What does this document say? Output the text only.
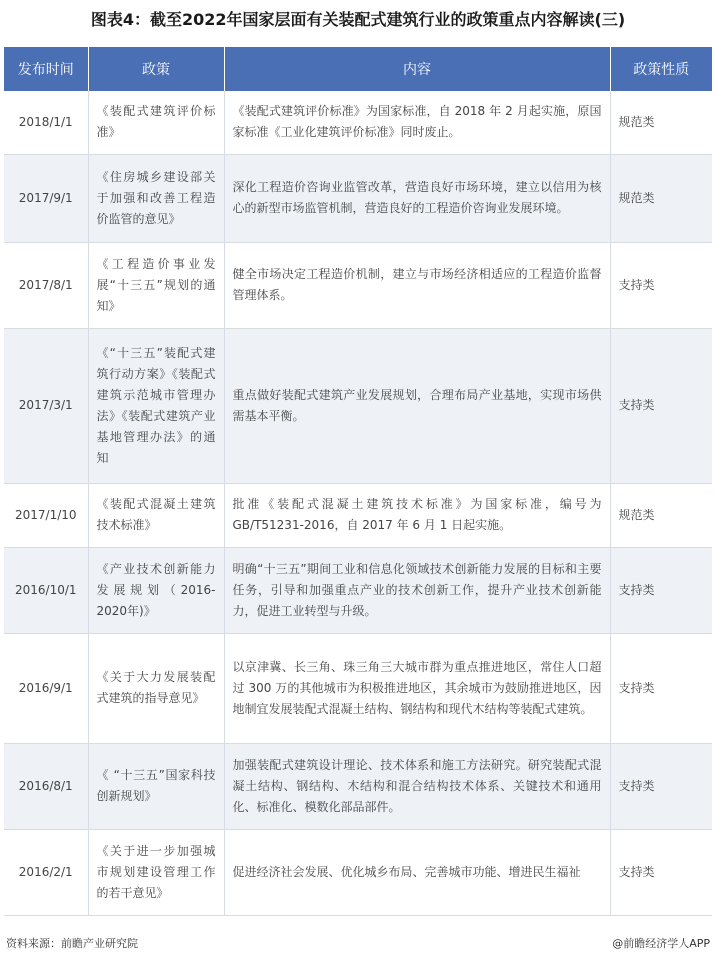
图表4：截至2022年国家层面有关装配式建筑行业的政策重点内容解读(三)
发布时间	政策	内容	政策性质
2018/1/1	《装配式建筑评价标准》	《装配式建筑评价标准》为国家标准，自 2018 年 2 月起实施，原国家标准《工业化建筑评价标准》同时废止。	规范类
2017/9/1	《住房城乡建设部关于加强和改善工程造价监管的意见》	深化工程造价咨询业监管改革，营造良好市场环境，建立以信用为核心的新型市场监管机制，营造良好的工程造价咨询业发展环境。	规范类
2017/8/1	《工程造价事业发展“十三五”规划的通知》	健全市场决定工程造价机制，建立与市场经济相适应的工程造价监督管理体系。	支持类
2017/3/1	《“十三五”装配式建筑行动方案》《装配式建筑示范城市管理办法》《装配式建筑产业基地管理办法》的通知	重点做好装配式建筑产业发展规划，合理布局产业基地，实现市场供需基本平衡。	支持类
2017/1/10	《装配式混凝土建筑技术标准》	批准《装配式混凝土建筑技术标准》为国家标准，编号为 GB/T51231-2016，自 2017 年 6 月 1 日起实施。	规范类
2016/10/1	《产业技术创新能力发展规划（2016-2020年)》	明确“十三五”期间工业和信息化领域技术创新能力发展的目标和主要任务，引导和加强重点产业的技术创新工作，提升产业技术创新能力，促进工业转型与升级。	支持类
2016/9/1	《关于大力发展装配式建筑的指导意见》	以京津冀、长三角、珠三角三大城市群为重点推进地区，常住人口超过 300 万的其他城市为积极推进地区，其余城市为鼓励推进地区，因地制宜发展装配式混凝土结构、钢结构和现代木结构等装配式建筑。	支持类
2016/8/1	《 “十三五”国家科技创新规划》	加强装配式建筑设计理论、技术体系和施工方法研究。研究装配式混凝土结构、钢结构、木结构和混合结构技术体系、关键技术和通用化、标准化、模数化部品部件。	支持类
2016/2/1	《关于进一步加强城市规划建设管理工作的若干意见》	促进经济社会发展、优化城乡布局、完善城市功能、增进民生福祉	支持类
资料来源：前瞻产业研究院	@前瞻经济学人APP
